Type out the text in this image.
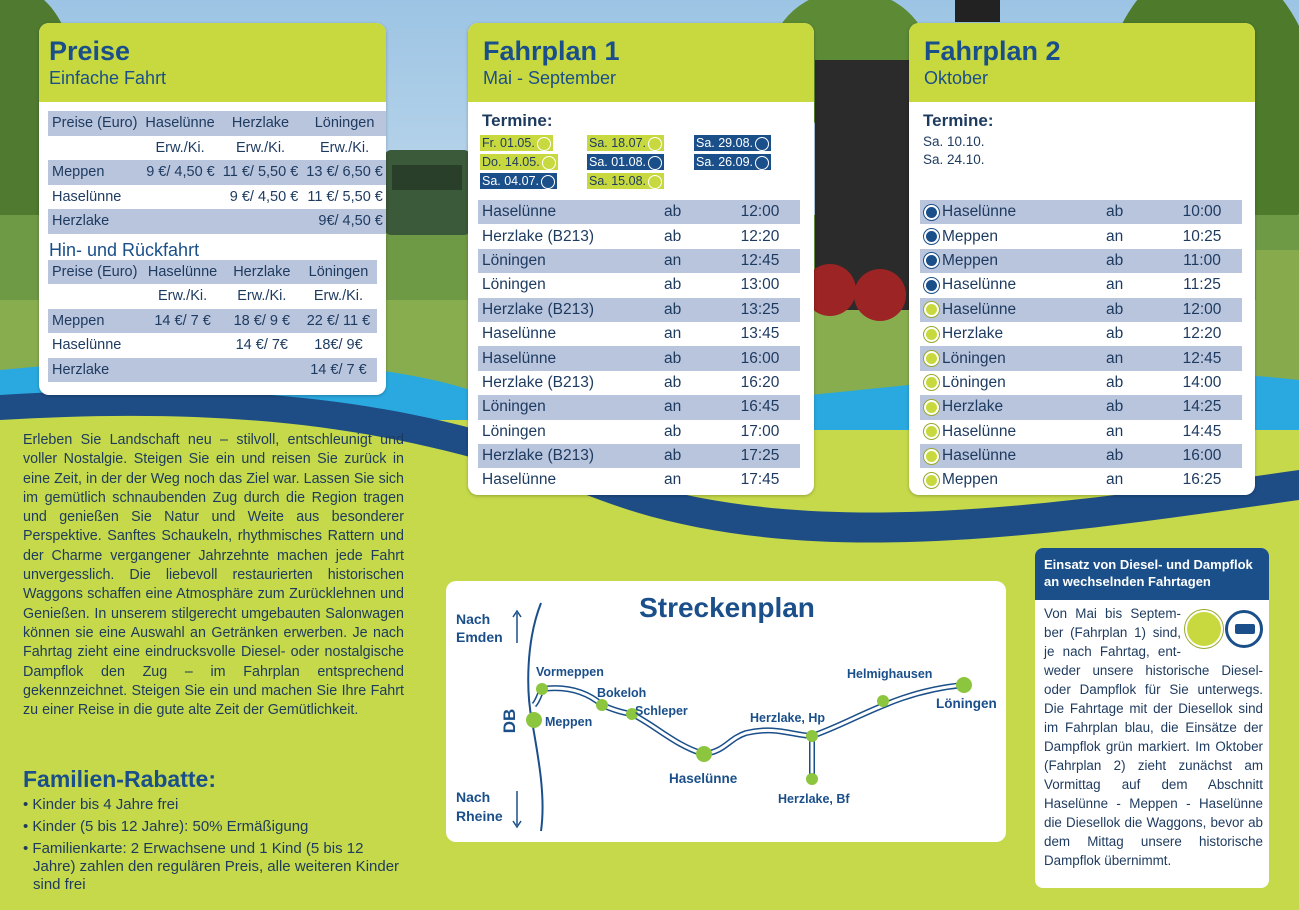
Preise
Einfache Fahrt
Preise (Euro)	Haselünne	Herzlake	Löningen
	Erw./Ki.	Erw./Ki.	Erw./Ki.
Meppen	9 €/ 4,50 €	11 €/ 5,50 €	13 €/ 6,50 €
Haselünne		9 €/ 4,50 €	11 €/ 5,50 €
Herzlake			9€/ 4,50 €
Hin- und Rückfahrt
Preise (Euro)	Haselünne	Herzlake	Löningen
	Erw./Ki.	Erw./Ki.	Erw./Ki.
Meppen	14 €/ 7 €	18 €/ 9 €	22 €/ 11 €
Haselünne		14 €/ 7€	18€/ 9€
Herzlake			14 €/ 7 €
Fahrplan 1
Mai - September
Termine:
Fr. 01.05.
Do. 14.05.
Sa. 04.07.
Sa. 18.07.
Sa. 01.08.
Sa. 15.08.
Sa. 29.08.
Sa. 26.09.
Haselünne	ab	12:00
Herzlake (B213)	ab	12:20
Löningen	an	12:45
Löningen	ab	13:00
Herzlake (B213)	ab	13:25
Haselünne	an	13:45
Haselünne	ab	16:00
Herzlake (B213)	ab	16:20
Löningen	an	16:45
Löningen	ab	17:00
Herzlake (B213)	ab	17:25
Haselünne	an	17:45
Fahrplan 2
Oktober
Termine:
Sa. 10.10.
Sa. 24.10.
Haselünne	ab	10:00
Meppen	an	10:25
Meppen	ab	11:00
Haselünne	an	11:25
Haselünne	ab	12:00
Herzlake	ab	12:20
Löningen	an	12:45
Löningen	ab	14:00
Herzlake	ab	14:25
Haselünne	an	14:45
Haselünne	ab	16:00
Meppen	an	16:25
Erleben Sie Landschaft neu – stilvoll, entschleunigt und voller Nostalgie. Steigen Sie ein und reisen Sie zurück in eine Zeit, in der der Weg noch das Ziel war. Lassen Sie sich im gemütlich schnaubenden Zug durch die Region tragen und genießen Sie Natur und Weite aus besonderer Perspektive. Sanftes Schaukeln, rhythmisches Rattern und der Charme vergangener Jahrzehnte machen jede Fahrt unvergesslich. Die liebevoll restaurierten historischen Waggons schaffen eine Atmosphäre zum Zurücklehnen und Genießen. In unserem stilgerecht umgebauten Salonwagen können sie eine Auswahl an Getränken erwerben. Je nach Fahrtag zieht eine eindrucksvolle Diesel- oder nostalgische Dampflok den Zug – im Fahrplan entsprechend gekennzeichnet. Steigen Sie ein und machen Sie Ihre Fahrt zu einer Reise in die gute alte Zeit der Gemütlichkeit.
Familien-Rabatte:
• Kinder bis 4 Jahre frei
• Kinder (5 bis 12 Jahre): 50% Ermäßigung
• Familienkarte: 2 Erwachsene und 1 Kind (5 bis 12 Jahre) zahlen den regulären Preis, alle weiteren Kinder sind frei
Streckenplan
DB
Nach
Emden
Nach
Rheine
Vormeppen
Meppen
Bokeloh
Schleper
Haselünne
Herzlake, Hp
Herzlake, Bf
Helmighausen
Löningen
Einsatz von Diesel- und Dampflok an wechselnden Fahrtagen
Von Mai bis September (Fahrplan 1) sind, je nach Fahrtag, entweder unsere historische Diesel- oder Dampflok für Sie unterwegs. Die Fahrtage mit der Diesellok sind im Fahrplan blau, die Einsätze der Dampflok grün markiert. Im Oktober (Fahrplan 2) zieht zunächst am Vormittag auf dem Abschnitt Haselünne - Meppen - Haselünne die Diesellok die Waggons, bevor ab dem Mittag unsere historische Dampflok übernimmt.
